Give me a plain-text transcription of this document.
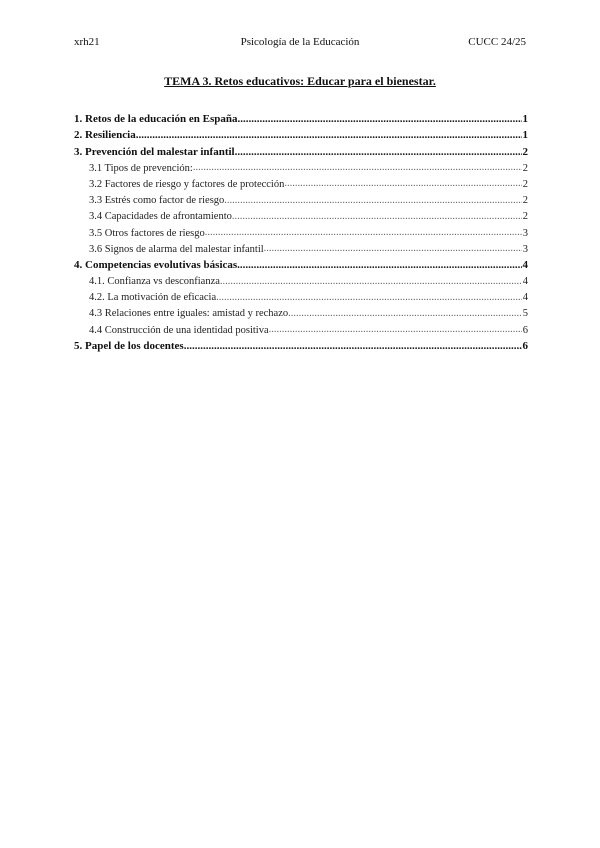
xrh21	Psicología de la Educación	CUCC 24/25
TEMA 3. Retos educativos: Educar para el bienestar.
1. Retos de la educación en España .....	1
2. Resiliencia .....	1
3. Prevención del malestar infantil .....	2
3.1 Tipos de prevención: .....	2
3.2 Factores de riesgo y factores de protección .....	2
3.3 Estrés como factor de riesgo .....	2
3.4 Capacidades de afrontamiento .....	2
3.5 Otros factores de riesgo .....	3
3.6 Signos de alarma del malestar infantil .....	3
4. Competencias evolutivas básicas .....	4
4.1. Confianza vs desconfianza .....	4
4.2. La motivación de eficacia .....	4
4.3 Relaciones entre iguales: amistad y rechazo .....	5
4.4 Construcción de una identidad positiva .....	6
5. Papel de los docentes .....	6
